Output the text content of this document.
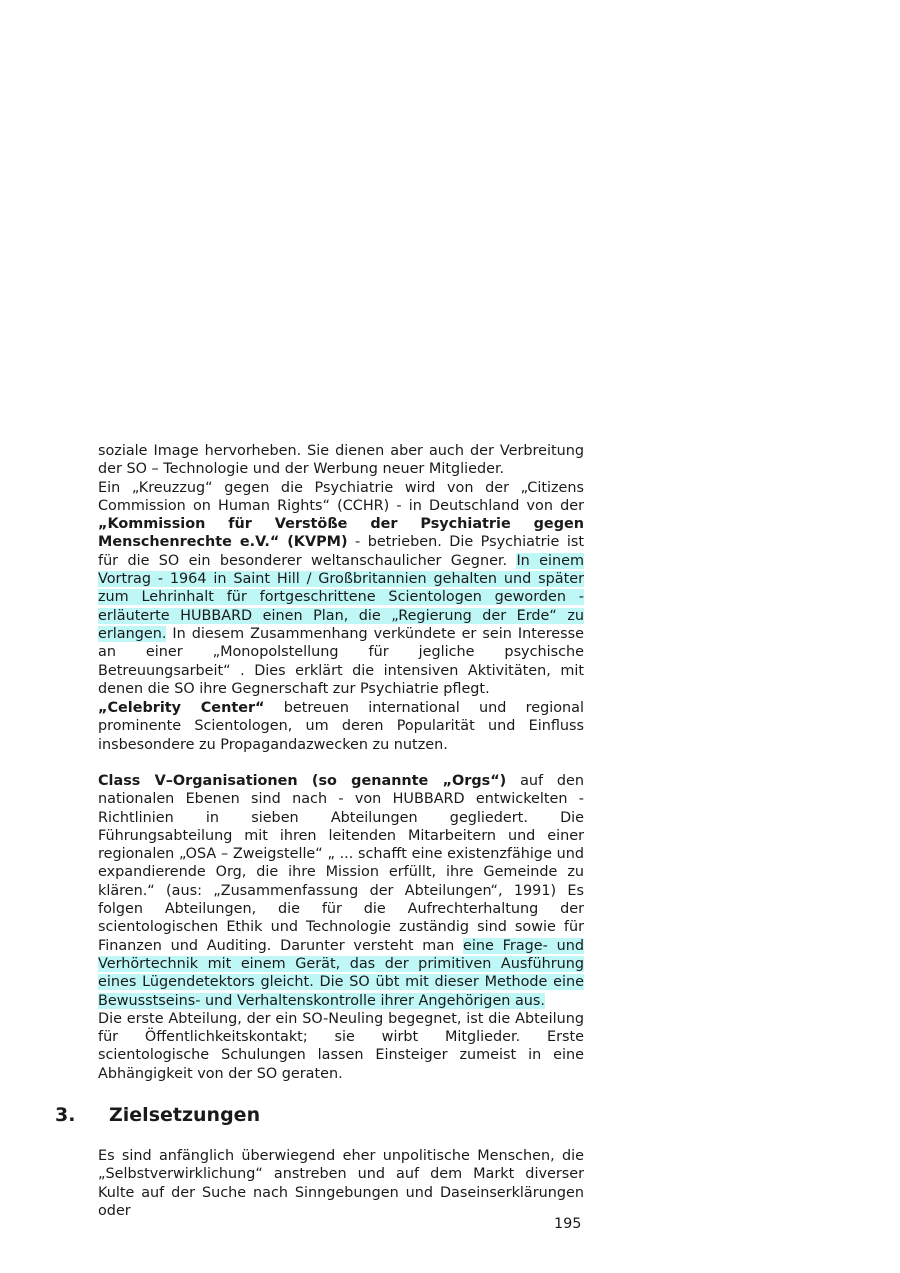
soziale Image hervorheben. Sie dienen aber auch der Verbreitung der SO – Technologie und der Werbung neuer Mitglieder.

Ein „Kreuzzug“ gegen die Psychiatrie wird von der „Citizens Commission on Human Rights“ (CCHR) - in Deutschland von der „Kommission für Verstöße der Psychiatrie gegen Menschenrechte e.V.“ (KVPM) - betrieben. Die Psychiatrie ist für die SO ein besonderer weltanschaulicher Gegner. In einem Vortrag - 1964 in Saint Hill / Großbritannien gehalten und später zum Lehrinhalt für fortgeschrittene Scientologen geworden - erläuterte HUBBARD einen Plan, die „Regierung der Erde“ zu erlangen. In diesem Zusammenhang verkündete er sein Interesse an einer „Monopolstellung für jegliche psychische Betreuungsarbeit“ . Dies erklärt die intensiven Aktivitäten, mit denen die SO ihre Gegnerschaft zur Psychiatrie pflegt.

„Celebrity Center“ betreuen international und regional prominente Scientologen, um deren Popularität und Einfluss insbesondere zu Propagandazwecken zu nutzen.

Class V–Organisationen (so genannte „Orgs“) auf den nationalen Ebenen sind nach - von HUBBARD entwickelten - Richtlinien in sieben Abteilungen gegliedert. Die Führungsabteilung mit ihren leitenden Mitarbeitern und einer regionalen „OSA – Zweigstelle“ „ ... schafft eine existenzfähige und expandierende Org, die ihre Mission erfüllt, ihre Gemeinde zu klären.“ (aus: „Zusammenfassung der Abteilungen“, 1991) Es folgen Abteilungen, die für die Aufrechterhaltung der scientologischen Ethik und Technologie zuständig sind sowie für Finanzen und Auditing. Darunter versteht man eine Frage- und Verhörtechnik mit einem Gerät, das der primitiven Ausführung eines Lügendetektors gleicht. Die SO übt mit dieser Methode eine Bewusstseins- und Verhaltenskontrolle ihrer Angehörigen aus.

Die erste Abteilung, der ein SO-Neuling begegnet, ist die Abteilung für Öffentlichkeitskontakt; sie wirbt Mitglieder. Erste scientologische Schulungen lassen Einsteiger zumeist in eine Abhängigkeit von der SO geraten.

3. Zielsetzungen

Es sind anfänglich überwiegend eher unpolitische Menschen, die „Selbstverwirklichung“ anstreben und auf dem Markt diverser Kulte auf der Suche nach Sinngebungen und Daseinserklärungen oder

195
